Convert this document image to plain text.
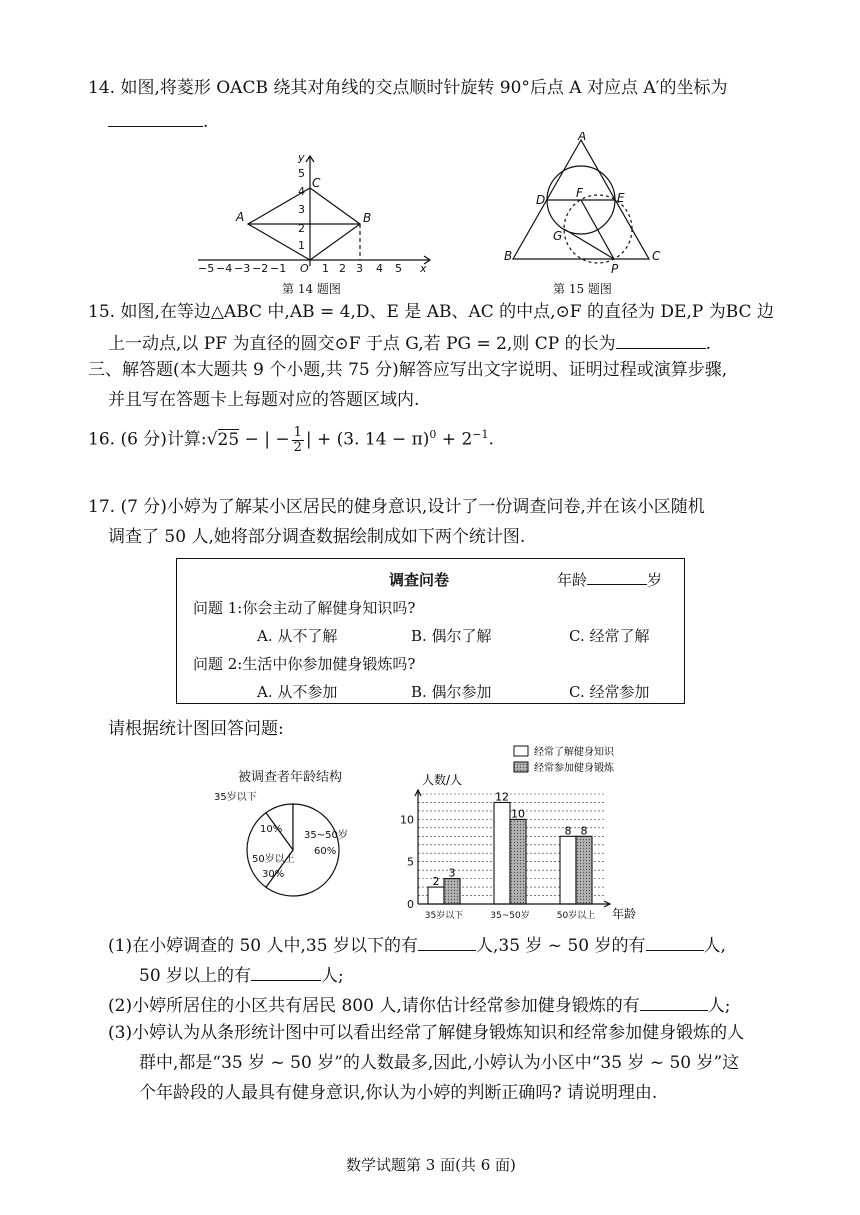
14. 如图,将菱形 OACB 绕其对角线的交点顺时针旋转 90°后点 A 对应点 A′的坐标为
.
−5 −4 −3 −2 −1 O 1 2 3 4 5 x
1
2
3
4
5
y
A	B
C
第 14 题图
A
B	C
D	E
F
G
P
第 15 题图
15. 如图,在等边△ABC 中,AB = 4,D、E 是 AB、AC 的中点,⊙F 的直径为 DE,P 为BC 边
上一动点,以 PF 为直径的圆交⊙F 于点 G,若 PG = 2,则 CP 的长为	.
三、解答题(本大题共 9 个小题,共 75 分)解答应写出文字说明、证明过程或演算步骤,
并且写在答题卡上每题对应的答题区域内.
16. (6 分)计算:√25 − | − $\frac{1}{2}$ | + (3. $14 - \pi)^0 + 2^{-1}$.
17. (7 分)小婷为了解某小区居民的健身意识,设计了一份调查问卷,并在该小区随机
调查了 50 人,她将部分调查数据绘制成如下两个统计图.
调查问卷	年龄	岁
问题 1:你会主动了解健身知识吗?
A. 从不了解	B. 偶尔了解	C. 经常了解
问题 2:生活中你参加健身锻炼吗?
A. 从不参加	B. 偶尔参加	C. 经常参加
请根据统计图回答问题:
被调查者年龄结构
35岁以下
10%
35~50岁
60%
50岁以上
30%
经常了解健身知识
经常参加健身锻炼
人数/人
年龄
2
3
12
10
8 8
0
5
10
35岁以下	35~50岁	50岁以上
(1)在小婷调查的 50 人中,35 岁以下的有	人,35 岁 ~ 50 岁的有	人,
50 岁以上的有	人;
(2)小婷所居住的小区共有居民 800 人,请你估计经常参加健身锻炼的有	人;
(3)小婷认为从条形统计图中可以看出经常了解健身锻炼知识和经常参加健身锻炼的人
群中,都是“35 岁 ~ 50 岁”的人数最多,因此,小婷认为小区中“35 岁 ~ 50 岁”这
个年龄段的人最具有健身意识,你认为小婷的判断正确吗? 请说明理由.
数学试题第 3 面(共 6 面)
